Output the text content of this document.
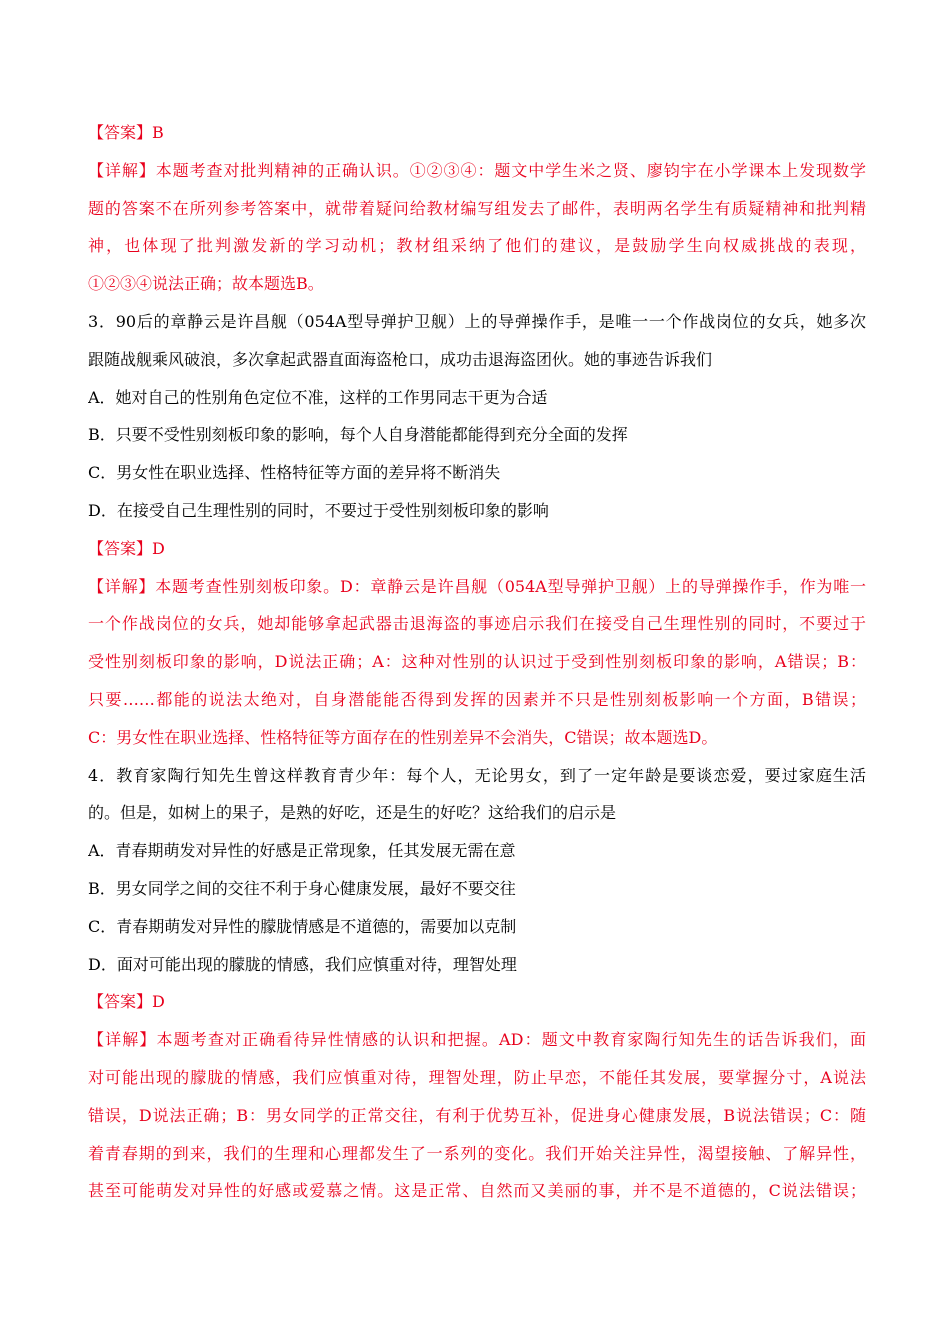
【答案】B
【详解】本题考查对批判精神的正确认识。①②③④：题文中学生米之贤、廖钧宇在小学课本上发现数学
题的答案不在所列参考答案中，就带着疑问给教材编写组发去了邮件，表明两名学生有质疑精神和批判精
神，也体现了批判激发新的学习动机；教材组采纳了他们的建议，是鼓励学生向权威挑战的表现，
①②③④说法正确；故本题选B。
3．90后的章静云是许昌舰（054A型导弹护卫舰）上的导弹操作手，是唯一一个作战岗位的女兵，她多次
跟随战舰乘风破浪，多次拿起武器直面海盗枪口，成功击退海盗团伙。她的事迹告诉我们
A．她对自己的性别角色定位不准，这样的工作男同志干更为合适
B．只要不受性别刻板印象的影响，每个人自身潜能都能得到充分全面的发挥
C．男女性在职业选择、性格特征等方面的差异将不断消失
D．在接受自己生理性别的同时，不要过于受性别刻板印象的影响
【答案】D
【详解】本题考查性别刻板印象。D：章静云是许昌舰（054A型导弹护卫舰）上的导弹操作手，作为唯一
一个作战岗位的女兵，她却能够拿起武器击退海盗的事迹启示我们在接受自己生理性别的同时，不要过于
受性别刻板印象的影响，D说法正确；A：这种对性别的认识过于受到性别刻板印象的影响，A错误；B：
只要……都能的说法太绝对，自身潜能能否得到发挥的因素并不只是性别刻板影响一个方面，B错误；
C：男女性在职业选择、性格特征等方面存在的性别差异不会消失，C错误；故本题选D。
4．教育家陶行知先生曾这样教育青少年：每个人，无论男女，到了一定年龄是要谈恋爱，要过家庭生活
的。但是，如树上的果子，是熟的好吃，还是生的好吃？这给我们的启示是
A．青春期萌发对异性的好感是正常现象，任其发展无需在意
B．男女同学之间的交往不利于身心健康发展，最好不要交往
C．青春期萌发对异性的朦胧情感是不道德的，需要加以克制
D．面对可能出现的朦胧的情感，我们应慎重对待，理智处理
【答案】D
【详解】本题考查对正确看待异性情感的认识和把握。AD：题文中教育家陶行知先生的话告诉我们，面
对可能出现的朦胧的情感，我们应慎重对待，理智处理，防止早恋，不能任其发展，要掌握分寸，A说法
错误，D说法正确；B：男女同学的正常交往，有利于优势互补，促进身心健康发展，B说法错误；C：随
着青春期的到来，我们的生理和心理都发生了一系列的变化。我们开始关注异性，渴望接触、了解异性，
甚至可能萌发对异性的好感或爱慕之情。这是正常、自然而又美丽的事，并不是不道德的，C说法错误；
